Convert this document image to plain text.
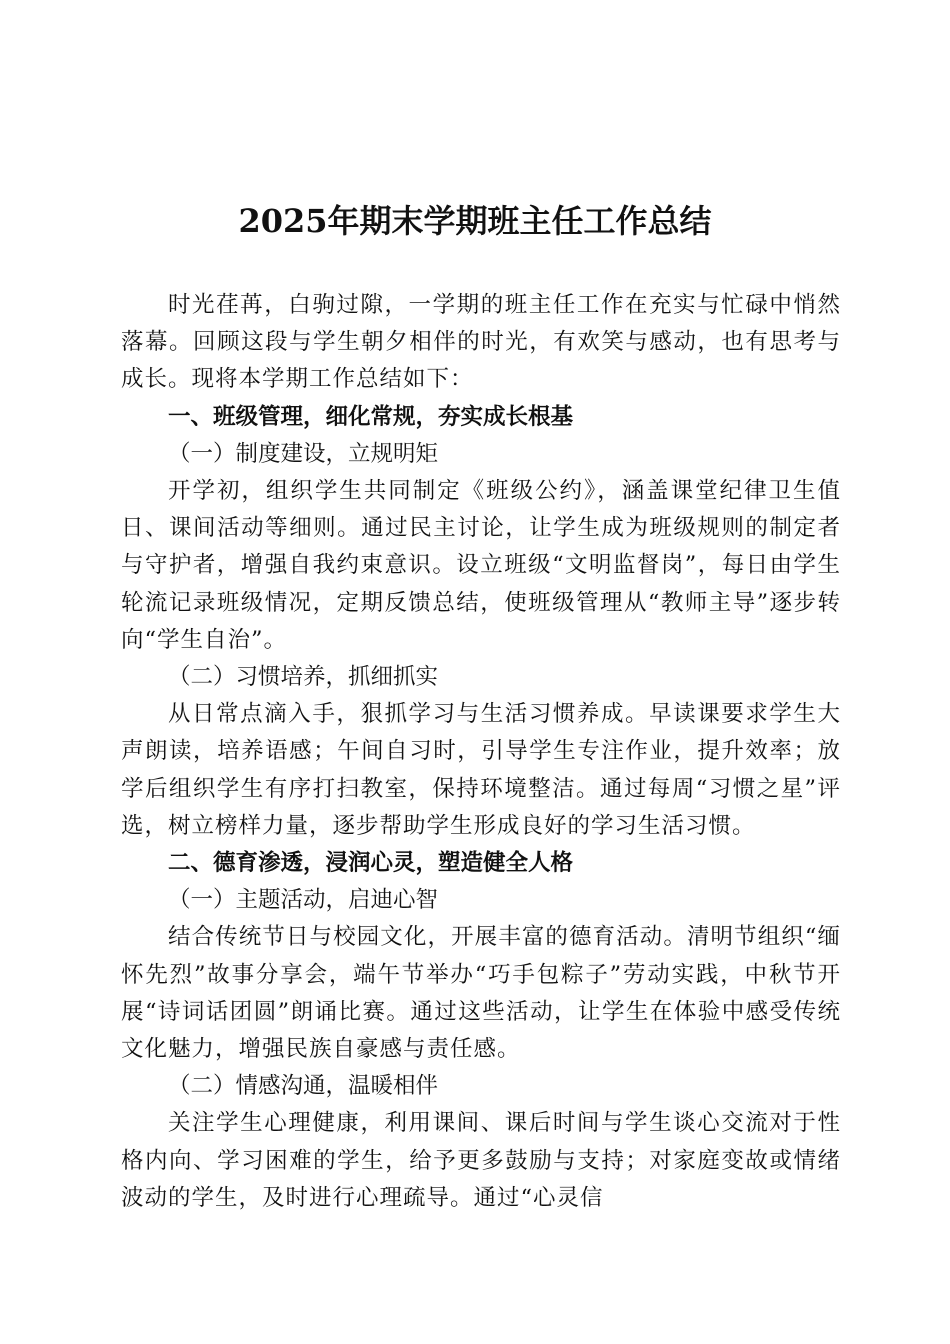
2025年期末学期班主任工作总结

时光荏苒，白驹过隙，一学期的班主任工作在充实与忙碌中悄然落幕。回顾这段与学生朝夕相伴的时光，有欢笑与感动，也有思考与成长。现将本学期工作总结如下：

一、班级管理，细化常规，夯实成长根基
（一）制度建设，立规明矩

开学初，组织学生共同制定《班级公约》，涵盖课堂纪律卫生值日、课间活动等细则。通过民主讨论，让学生成为班级规则的制定者与守护者，增强自我约束意识。设立班级“文明监督岗”，每日由学生轮流记录班级情况，定期反馈总结，使班级管理从“教师主导”逐步转向“学生自治”。

（二）习惯培养，抓细抓实

从日常点滴入手，狠抓学习与生活习惯养成。早读课要求学生大声朗读，培养语感；午间自习时，引导学生专注作业，提升效率；放学后组织学生有序打扫教室，保持环境整洁。通过每周“习惯之星”评选，树立榜样力量，逐步帮助学生形成良好的学习生活习惯。

二、德育渗透，浸润心灵，塑造健全人格
（一）主题活动，启迪心智

结合传统节日与校园文化，开展丰富的德育活动。清明节组织“缅怀先烈”故事分享会，端午节举办“巧手包粽子”劳动实践，中秋节开展“诗词话团圆”朗诵比赛。通过这些活动，让学生在体验中感受传统文化魅力，增强民族自豪感与责任感。

（二）情感沟通，温暖相伴

关注学生心理健康，利用课间、课后时间与学生谈心交流对于性格内向、学习困难的学生，给予更多鼓励与支持；对家庭变故或情绪波动的学生，及时进行心理疏导。通过“心灵信
